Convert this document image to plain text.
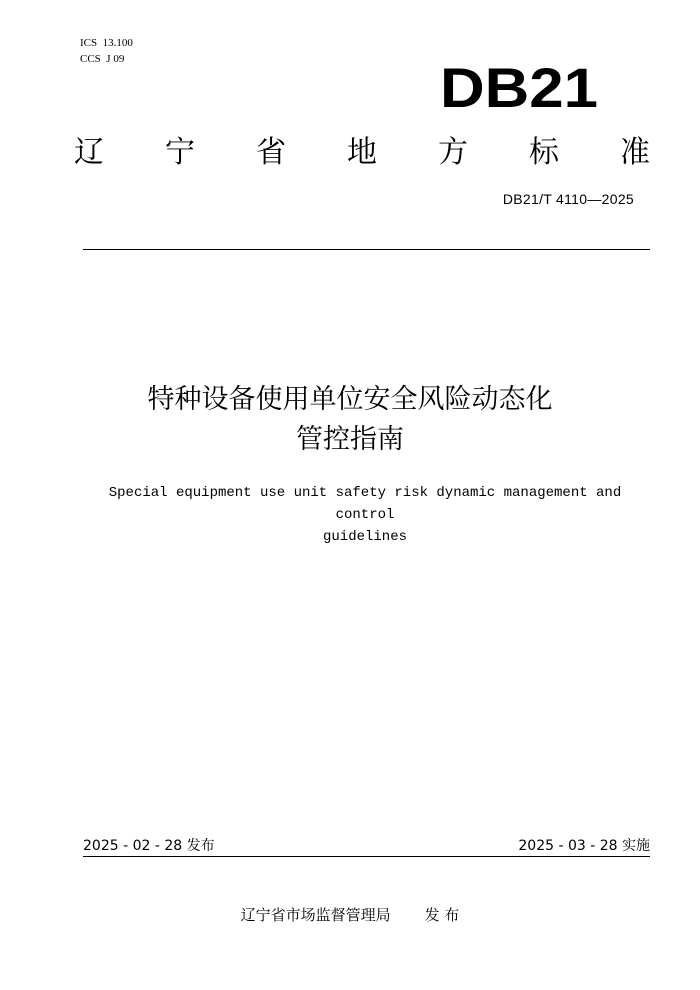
ICS  13.100
CCS  J 09	DB21
辽 宁 省 地 方 标 准
DB21/T 4110—2025
特种设备使用单位安全风险动态化
管控指南
Special equipment use unit safety risk dynamic management and control
guidelines
2025 - 02 - 28 发布	2025 - 03 - 28 实施
辽宁省市场监督管理局 发 布
